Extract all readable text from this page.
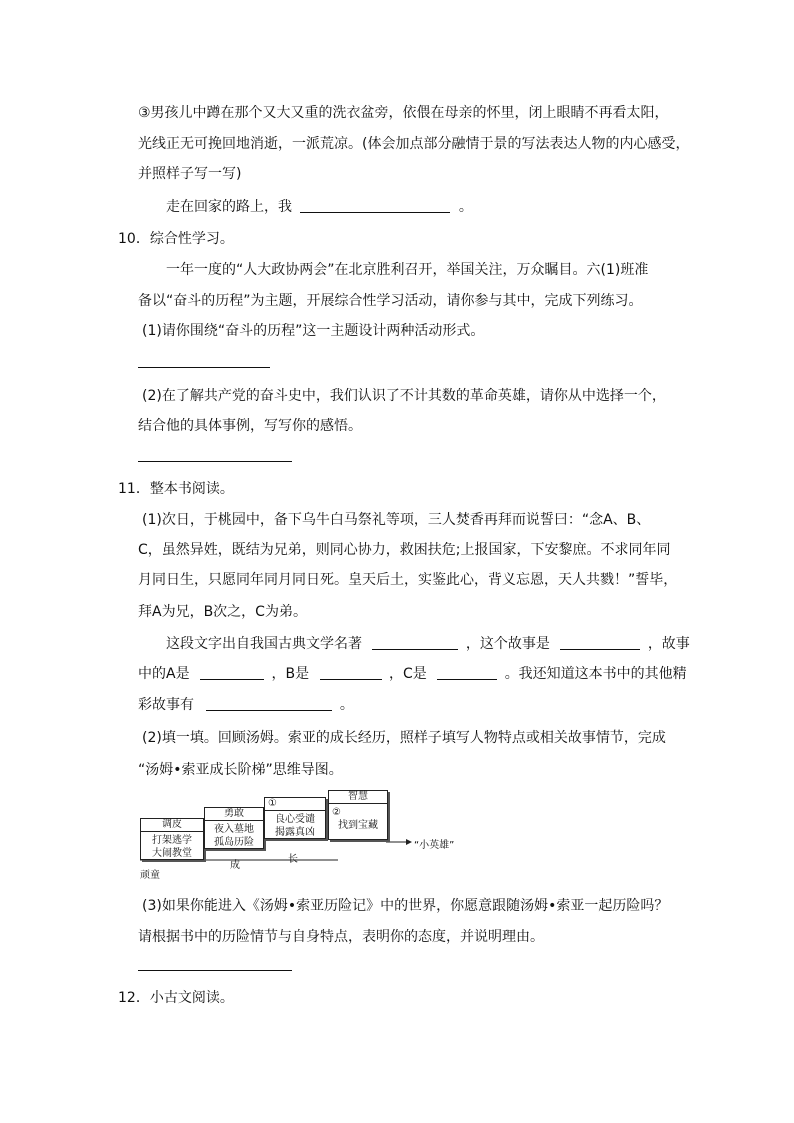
③男孩儿中蹲在那个又大又重的洗衣盆旁，依偎在母亲的怀里，闭上眼睛不再看太阳，
光线正无可挽回地消逝，一派荒凉。(体会加点部分融情于景的写法表达人物的内心感受，
并照样子写一写)
走在回家的路上，我	。
10．综合性学习。
一年一度的“人大政协两会”在北京胜利召开，举国关注，万众瞩目。六(1)班准
备以“奋斗的历程”为主题，开展综合性学习活动，请你参与其中，完成下列练习。
(1)请你围绕“奋斗的历程”这一主题设计两种活动形式。
(2)在了解共产党的奋斗史中，我们认识了不计其数的革命英雄，请你从中选择一个，
结合他的具体事例，写写你的感悟。
11．整本书阅读。
(1)次日，于桃园中，备下乌牛白马祭礼等项，三人焚香再拜而说誓曰：“念A、B、
C，虽然异姓，既结为兄弟，则同心协力，救困扶危;上报国家，下安黎庶。不求同年同
月同日生，只愿同年同月同日死。皇天后土，实鉴此心，背义忘恩，天人共戮！”誓毕，
拜A为兄，B次之，C为弟。
这段文字出自我国古典文学名著	，这个故事是	，故事
中的A是	，B是	，C是	。我还知道这本书中的其他精
彩故事有	。
(2)填一填。回顾汤姆。索亚的成长经历，照样子填写人物特点或相关故事情节，完成
“汤姆•索亚成长阶梯”思维导图。
调皮
打架逃学
大闹教堂
勇敢
夜入墓地
孤岛历险
①
良心受谴
揭露真凶
智慧
②
找到宝藏
“小英雄”
顽童
成
长
(3)如果你能进入《汤姆•索亚历险记》中的世界，你愿意跟随汤姆•索亚一起历险吗？
请根据书中的历险情节与自身特点，表明你的态度，并说明理由。
12．小古文阅读。
